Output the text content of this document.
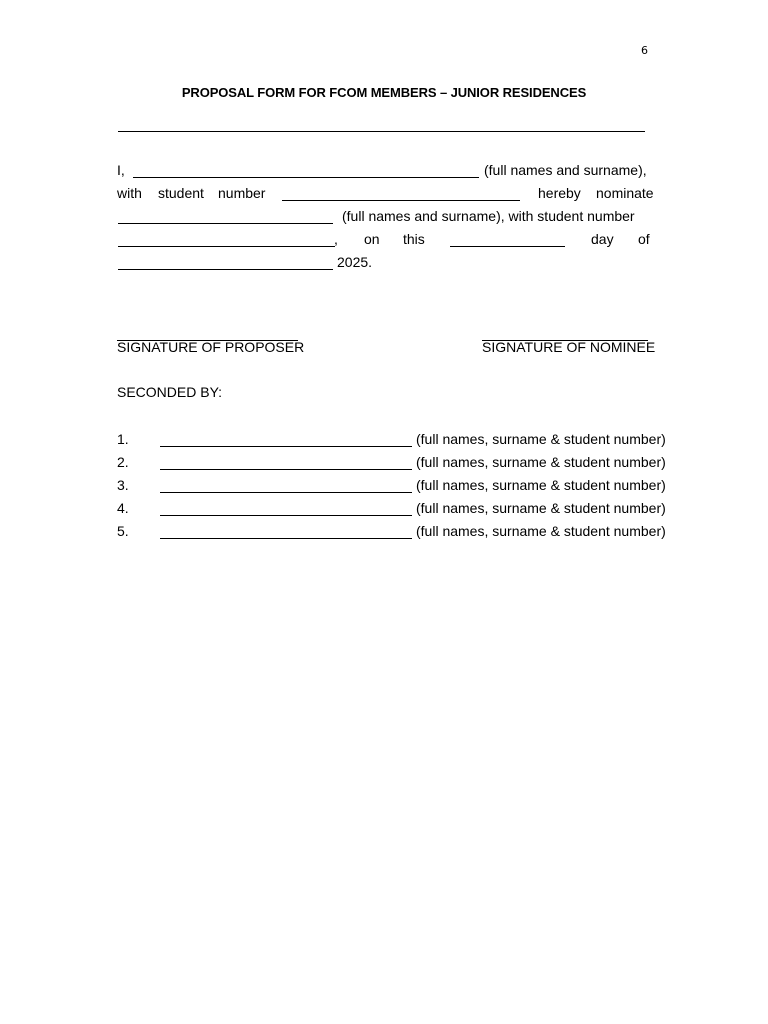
6
PROPOSAL FORM FOR FCOM MEMBERS – JUNIOR RESIDENCES
I,	(full names and surname),
with student number	hereby nominate
(full names and surname), with student number
, on this	day of
2025.
SIGNATURE OF PROPOSER	SIGNATURE OF NOMINEE
SECONDED BY:
1.	(full names, surname & student number)
2.	(full names, surname & student number)
3.	(full names, surname & student number)
4.	(full names, surname & student number)
5.	(full names, surname & student number)
